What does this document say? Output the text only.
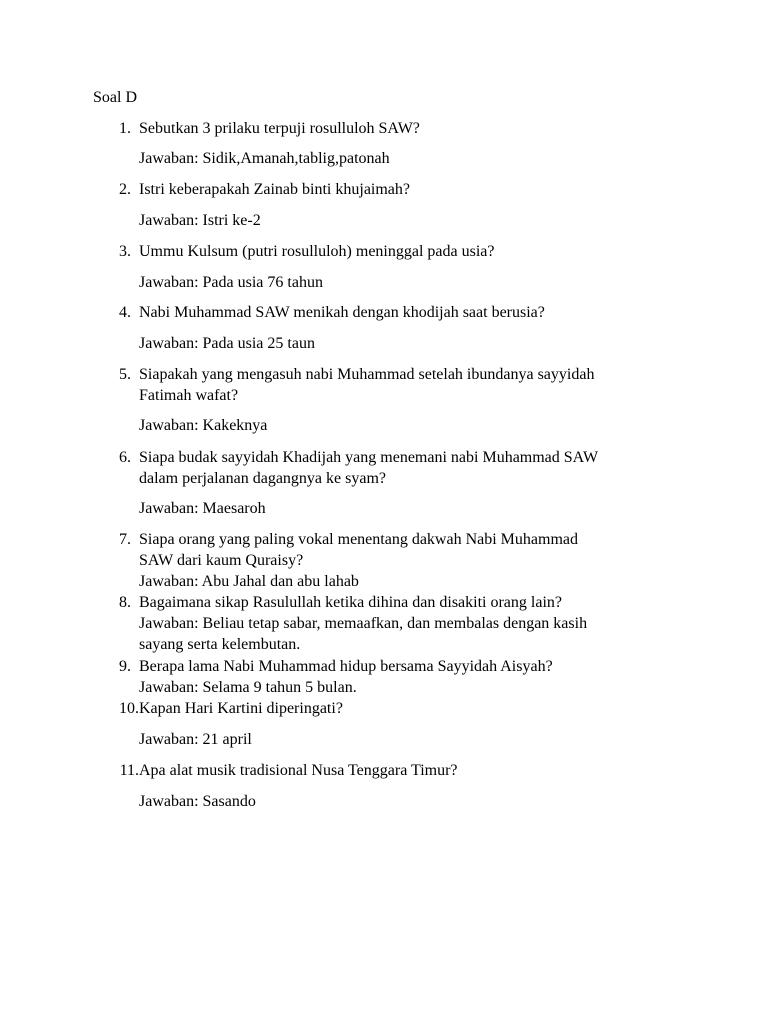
Soal D
1. Sebutkan 3 prilaku terpuji rosulluloh SAW?
Jawaban: Sidik,Amanah,tablig,patonah
2. Istri keberapakah Zainab binti khujaimah?
Jawaban: Istri ke-2
3. Ummu Kulsum (putri rosulluloh) meninggal pada usia?
Jawaban: Pada usia 76 tahun
4. Nabi Muhammad SAW menikah dengan khodijah saat berusia?
Jawaban: Pada usia 25 taun
5. Siapakah yang mengasuh nabi Muhammad setelah ibundanya sayyidah
Fatimah wafat?
Jawaban: Kakeknya
6. Siapa budak sayyidah Khadijah yang menemani nabi Muhammad SAW
dalam perjalanan dagangnya ke syam?
Jawaban: Maesaroh
7. Siapa orang yang paling vokal menentang dakwah Nabi Muhammad
SAW dari kaum Quraisy?
Jawaban: Abu Jahal dan abu lahab
8. Bagaimana sikap Rasulullah ketika dihina dan disakiti orang lain?
Jawaban: Beliau tetap sabar, memaafkan, dan membalas dengan kasih
sayang serta kelembutan.
9. Berapa lama Nabi Muhammad hidup bersama Sayyidah Aisyah?
Jawaban: Selama 9 tahun 5 bulan.
10. Kapan Hari Kartini diperingati?
Jawaban: 21 april
11. Apa alat musik tradisional Nusa Tenggara Timur?
Jawaban: Sasando
